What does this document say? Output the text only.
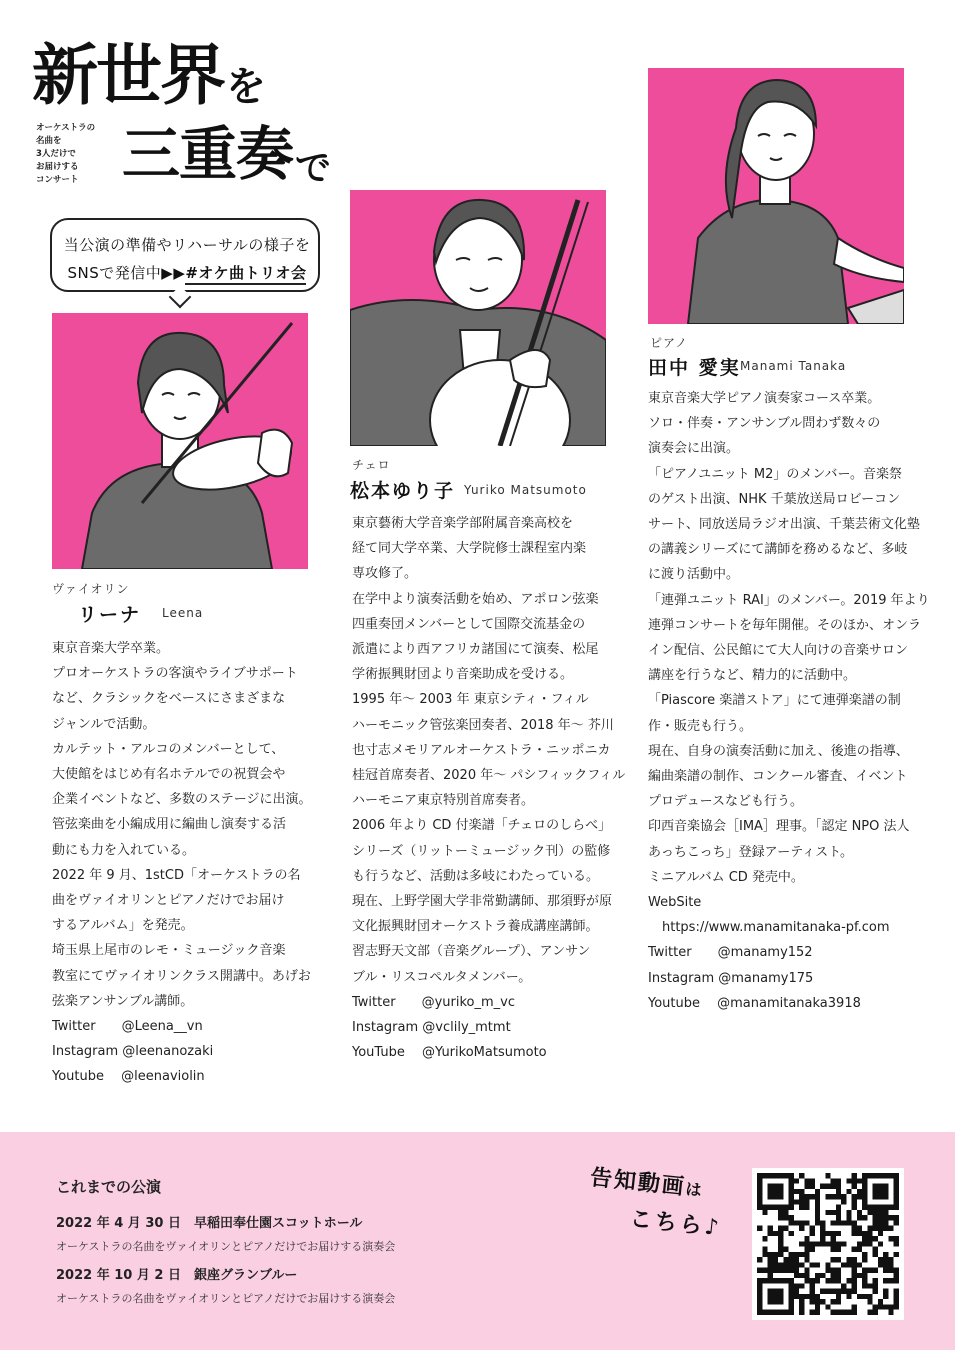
新世界を
オーケストラの
名曲を
3人だけで
お届けする
コンサート 三重奏で
当公演の準備やリハーサルの様子を
SNSで発信中▶▶#オケ曲トリオ会
ヴァイオリン
リーナ Leena
東京音楽大学卒業。
プロオーケストラの客演やライブサポート
など、クラシックをベースにさまざまな
ジャンルで活動。
カルテット・アルコのメンバーとして、
大使館をはじめ有名ホテルでの祝賀会や
企業イベントなど、多数のステージに出演。
管弦楽曲を小編成用に編曲し演奏する活
動にも力を入れている。
2022 年 9 月、1stCD「オーケストラの名
曲をヴァイオリンとピアノだけでお届け
するアルバム」を発売。
埼玉県上尾市のレモ・ミュージック音楽
教室にてヴァイオリンクラス開講中。あげお
弦楽アンサンブル講師。
Twitter　　@Leena__vn
Instagram @leenanozaki
Youtube　 @leenaviolin
チェロ
松本ゆり子 Yuriko Matsumoto
東京藝術大学音楽学部附属音楽高校を
経て同大学卒業、大学院修士課程室内楽
専攻修了。
在学中より演奏活動を始め、アポロン弦楽
四重奏団メンバーとして国際交流基金の
派遣により西アフリカ諸国にて演奏、松尾
学術振興財団より音楽助成を受ける。
1995 年〜 2003 年 東京シティ・フィル
ハーモニック管弦楽団奏者、2018 年〜 芥川
也寸志メモリアルオーケストラ・ニッポニカ
桂冠首席奏者、2020 年〜 パシフィックフィル
ハーモニア東京特別首席奏者。
2006 年より CD 付楽譜「チェロのしらべ」
シリーズ（リットーミュージック刊）の監修
も行うなど、活動は多岐にわたっている。
現在、上野学園大学非常勤講師、那須野が原
文化振興財団オーケストラ養成講座講師。
習志野天文部（音楽グループ）、アンサン
ブル・リスコペルタメンバー。
Twitter　　@yuriko_m_vc
Instagram @vclily_mtmt
YouTube　 @YurikoMatsumoto
ピアノ
田中 愛実 Manami Tanaka
東京音楽大学ピアノ演奏家コース卒業。
ソロ・伴奏・アンサンブル問わず数々の
演奏会に出演。
「ピアノユニット M2」のメンバー。音楽祭
のゲスト出演、NHK 千葉放送局ロビーコン
サート、同放送局ラジオ出演、千葉芸術文化塾
の講義シリーズにて講師を務めるなど、多岐
に渡り活動中。
「連弾ユニット RAI」のメンバー。2019 年より
連弾コンサートを毎年開催。そのほか、オンラ
イン配信、公民館にて大人向けの音楽サロン
講座を行うなど、精力的に活動中。
「Piascore 楽譜ストア」にて連弾楽譜の制
作・販売も行う。
現在、自身の演奏活動に加え、後進の指導、
編曲楽譜の制作、コンクール審査、イベント
プロデュースなども行う。
印西音楽協会［IMA］理事。「認定 NPO 法人
あっちこっち」登録アーティスト。
ミニアルバム CD 発売中。
WebSite
https://www.manamitanaka-pf.com
Twitter　　@manamy152
Instagram @manamy175
Youtube　 @manamitanaka3918
これまでの公演
2022 年 4 月 30 日　早稲田奉仕園スコットホール
オーケストラの名曲をヴァイオリンとピアノだけでお届けする演奏会
2022 年 10 月 2 日　銀座グランブルー
オーケストラの名曲をヴァイオリンとピアノだけでお届けする演奏会
告知動画は
こちら♪
